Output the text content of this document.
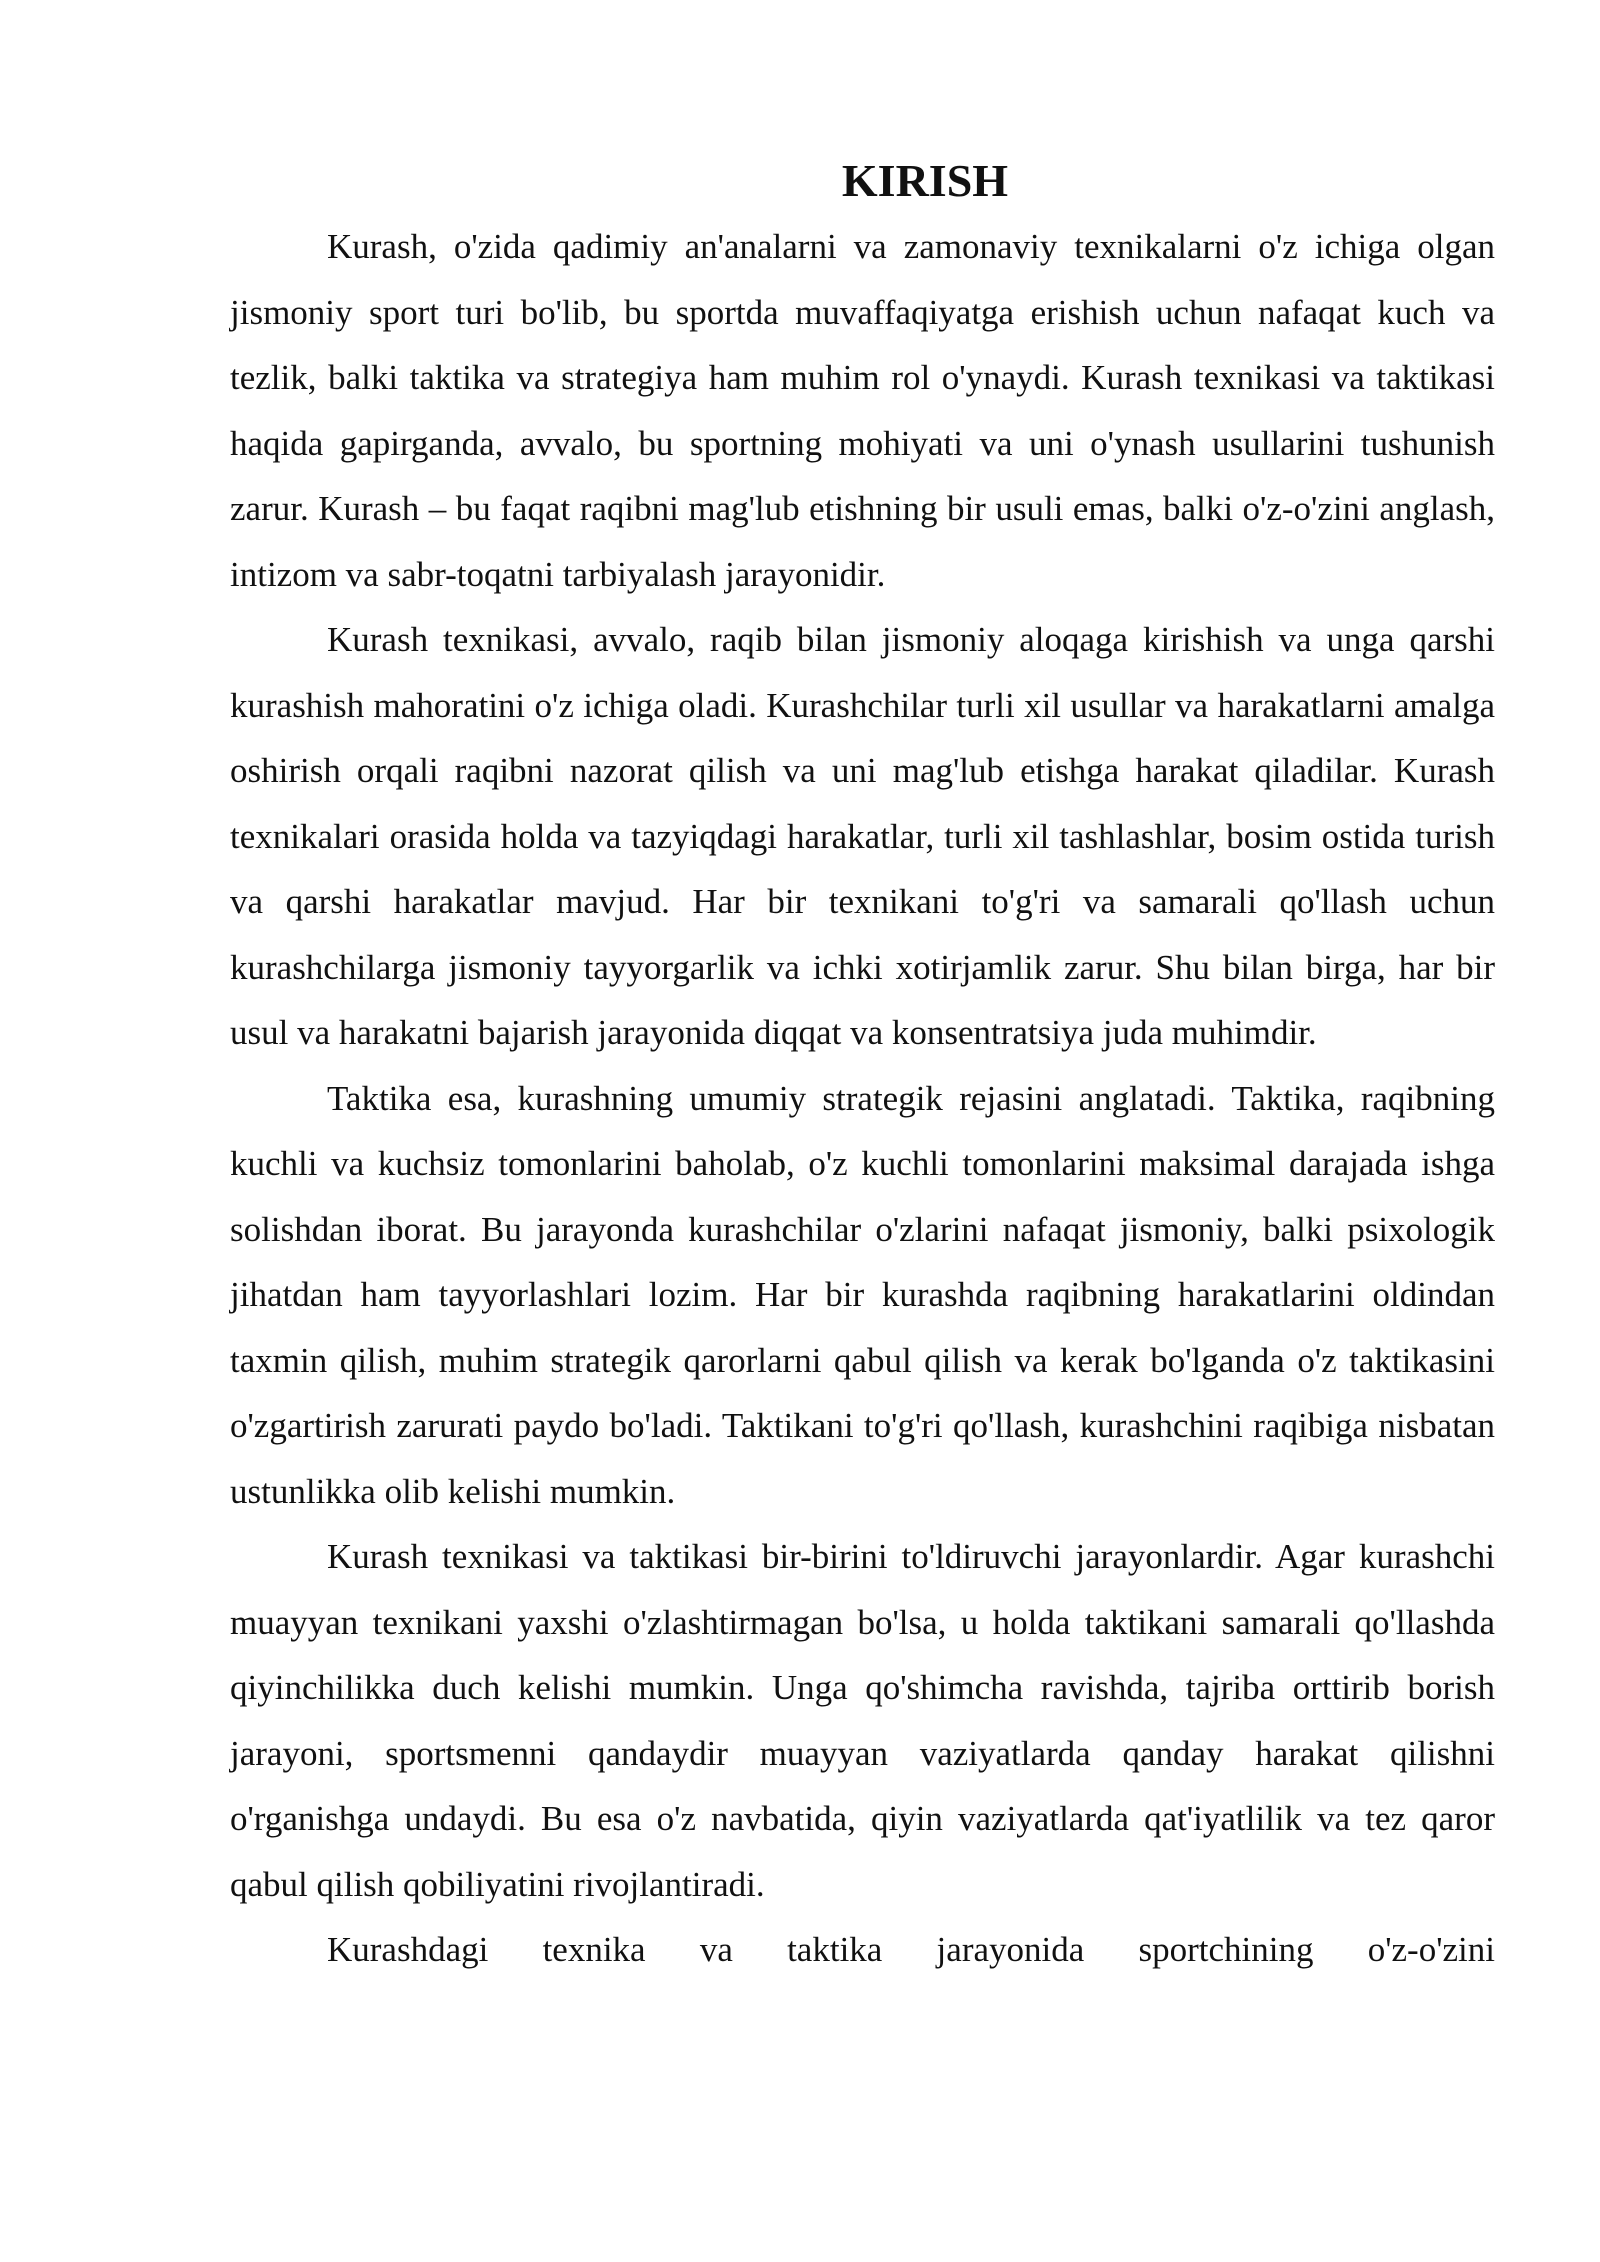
KIRISH

Kurash, o'zida qadimiy an'analarni va zamonaviy texnikalarni o'z ichiga olgan jismoniy sport turi bo'lib, bu sportda muvaffaqiyatga erishish uchun nafaqat kuch va tezlik, balki taktika va strategiya ham muhim rol o'ynaydi. Kurash texnikasi va taktikasi haqida gapirganda, avvalo, bu sportning mohiyati va uni o'ynash usullarini tushunish zarur. Kurash – bu faqat raqibni mag'lub etishning bir usuli emas, balki o'z-o'zini anglash, intizom va sabr-toqatni tarbiyalash jarayonidir.

Kurash texnikasi, avvalo, raqib bilan jismoniy aloqaga kirishish va unga qarshi kurashish mahoratini o'z ichiga oladi. Kurashchilar turli xil usullar va harakatlarni amalga oshirish orqali raqibni nazorat qilish va uni mag'lub etishga harakat qiladilar. Kurash texnikalari orasida holda va tazyiqdagi harakatlar, turli xil tashlashlar, bosim ostida turish va qarshi harakatlar mavjud. Har bir texnikani to'g'ri va samarali qo'llash uchun kurashchilarga jismoniy tayyorgarlik va ichki xotirjamlik zarur. Shu bilan birga, har bir usul va harakatni bajarish jarayonida diqqat va konsentratsiya juda muhimdir.

Taktika esa, kurashning umumiy strategik rejasini anglatadi. Taktika, raqibning kuchli va kuchsiz tomonlarini baholab, o'z kuchli tomonlarini maksimal darajada ishga solishdan iborat. Bu jarayonda kurashchilar o'zlarini nafaqat jismoniy, balki psixologik jihatdan ham tayyorlashlari lozim. Har bir kurashda raqibning harakatlarini oldindan taxmin qilish, muhim strategik qarorlarni qabul qilish va kerak bo'lganda o'z taktikasini o'zgartirish zarurati paydo bo'ladi. Taktikani to'g'ri qo'llash, kurashchini raqibiga nisbatan ustunlikka olib kelishi mumkin.

Kurash texnikasi va taktikasi bir-birini to'ldiruvchi jarayonlardir. Agar kurashchi muayyan texnikani yaxshi o'zlashtirmagan bo'lsa, u holda taktikani samarali qo'llashda qiyinchilikka duch kelishi mumkin. Unga qo'shimcha ravishda, tajriba orttirib borish jarayoni, sportsmenni qandaydir muayyan vaziyatlarda qanday harakat qilishni o'rganishga undaydi. Bu esa o'z navbatida, qiyin vaziyatlarda qat'iyatlilik va tez qaror qabul qilish qobiliyatini rivojlantiradi.

Kurashdagi texnika va taktika jarayonida sportchining o'z-o'zini
